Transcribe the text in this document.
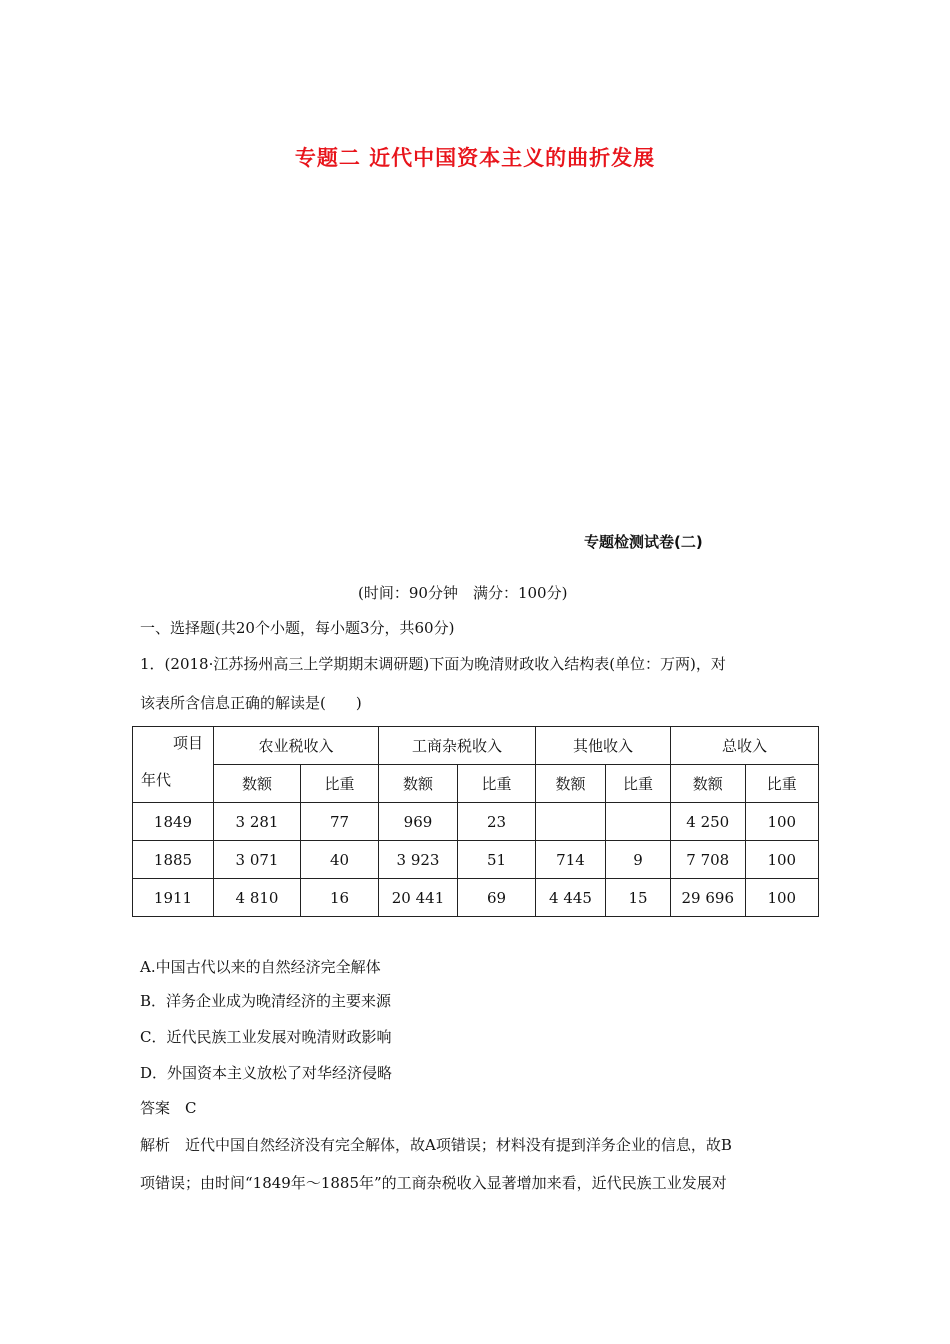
专题二 近代中国资本主义的曲折发展
专题检测试卷(二)
(时间：90分钟　满分：100分)
一、选择题(共20个小题，每小题3分，共60分)
1．(2018·江苏扬州高三上学期期末调研题)下面为晚清财政收入结构表(单位：万两)，对
该表所含信息正确的解读是(　　)
项目
年代	农业税收入		工商杂税收入		其他收入		总收入	
	数额	比重	数额	比重	数额	比重	数额	比重
1849	3 281	77	969	23			4 250	100
1885	3 071	40	3 923	51	714	9	7 708	100
1911	4 810	16	20 441	69	4 445	15	29 696	100
A.中国古代以来的自然经济完全解体
B．洋务企业成为晚清经济的主要来源
C．近代民族工业发展对晚清财政影响
D．外国资本主义放松了对华经济侵略
答案　C
解析　近代中国自然经济没有完全解体，故A项错误；材料没有提到洋务企业的信息，故B
项错误；由时间“1849年～1885年”的工商杂税收入显著增加来看，近代民族工业发展对
